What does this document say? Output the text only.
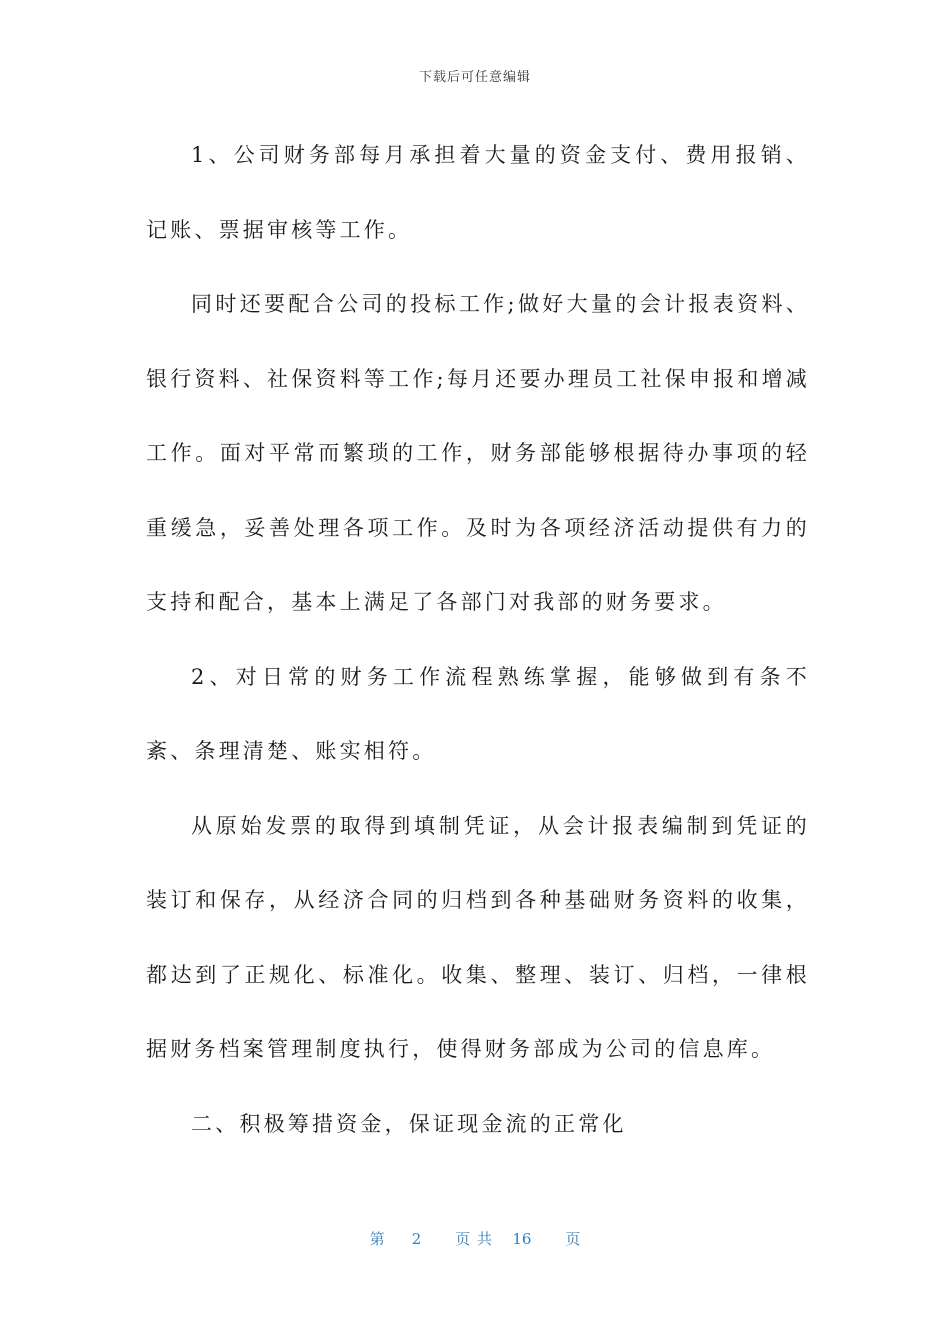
下载后可任意编辑

1、公司财务部每月承担着大量的资金支付、费用报销、记账、票据审核等工作。

同时还要配合公司的投标工作;做好大量的会计报表资料、银行资料、社保资料等工作;每月还要办理员工社保申报和增减工作。面对平常而繁琐的工作，财务部能够根据待办事项的轻重缓急，妥善处理各项工作。及时为各项经济活动提供有力的支持和配合，基本上满足了各部门对我部的财务要求。

2、对日常的财务工作流程熟练掌握，能够做到有条不紊、条理清楚、账实相符。

从原始发票的取得到填制凭证，从会计报表编制到凭证的装订和保存，从经济合同的归档到各种基础财务资料的收集，都达到了正规化、标准化。收集、整理、装订、归档，一律根据财务档案管理制度执行，使得财务部成为公司的信息库。

二、积极筹措资金，保证现金流的正常化

第 2 页 共 16 页
